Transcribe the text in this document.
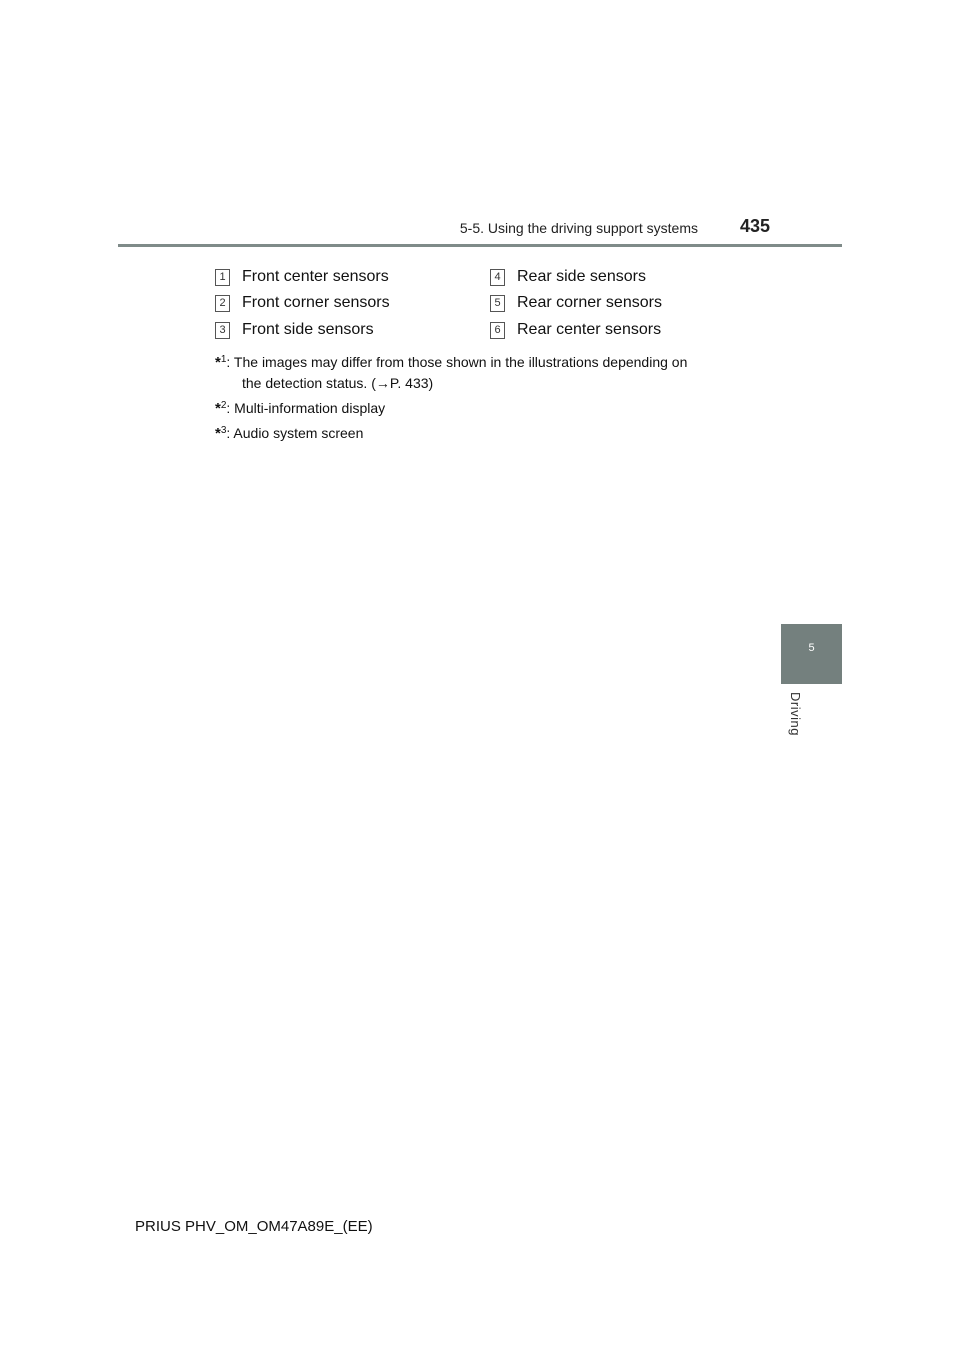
5-5. Using the driving support systems 435
1 Front center sensors
2 Front corner sensors
3 Front side sensors
4 Rear side sensors
5 Rear corner sensors
6 Rear center sensors
*$^1$: The images may differ from those shown in the illustrations depending on
the detection status. (→P. 433)
*$^2$: Multi-information display
*$^3$: Audio system screen
5
Driving
PRIUS PHV_OM_OM47A89E_(EE)
